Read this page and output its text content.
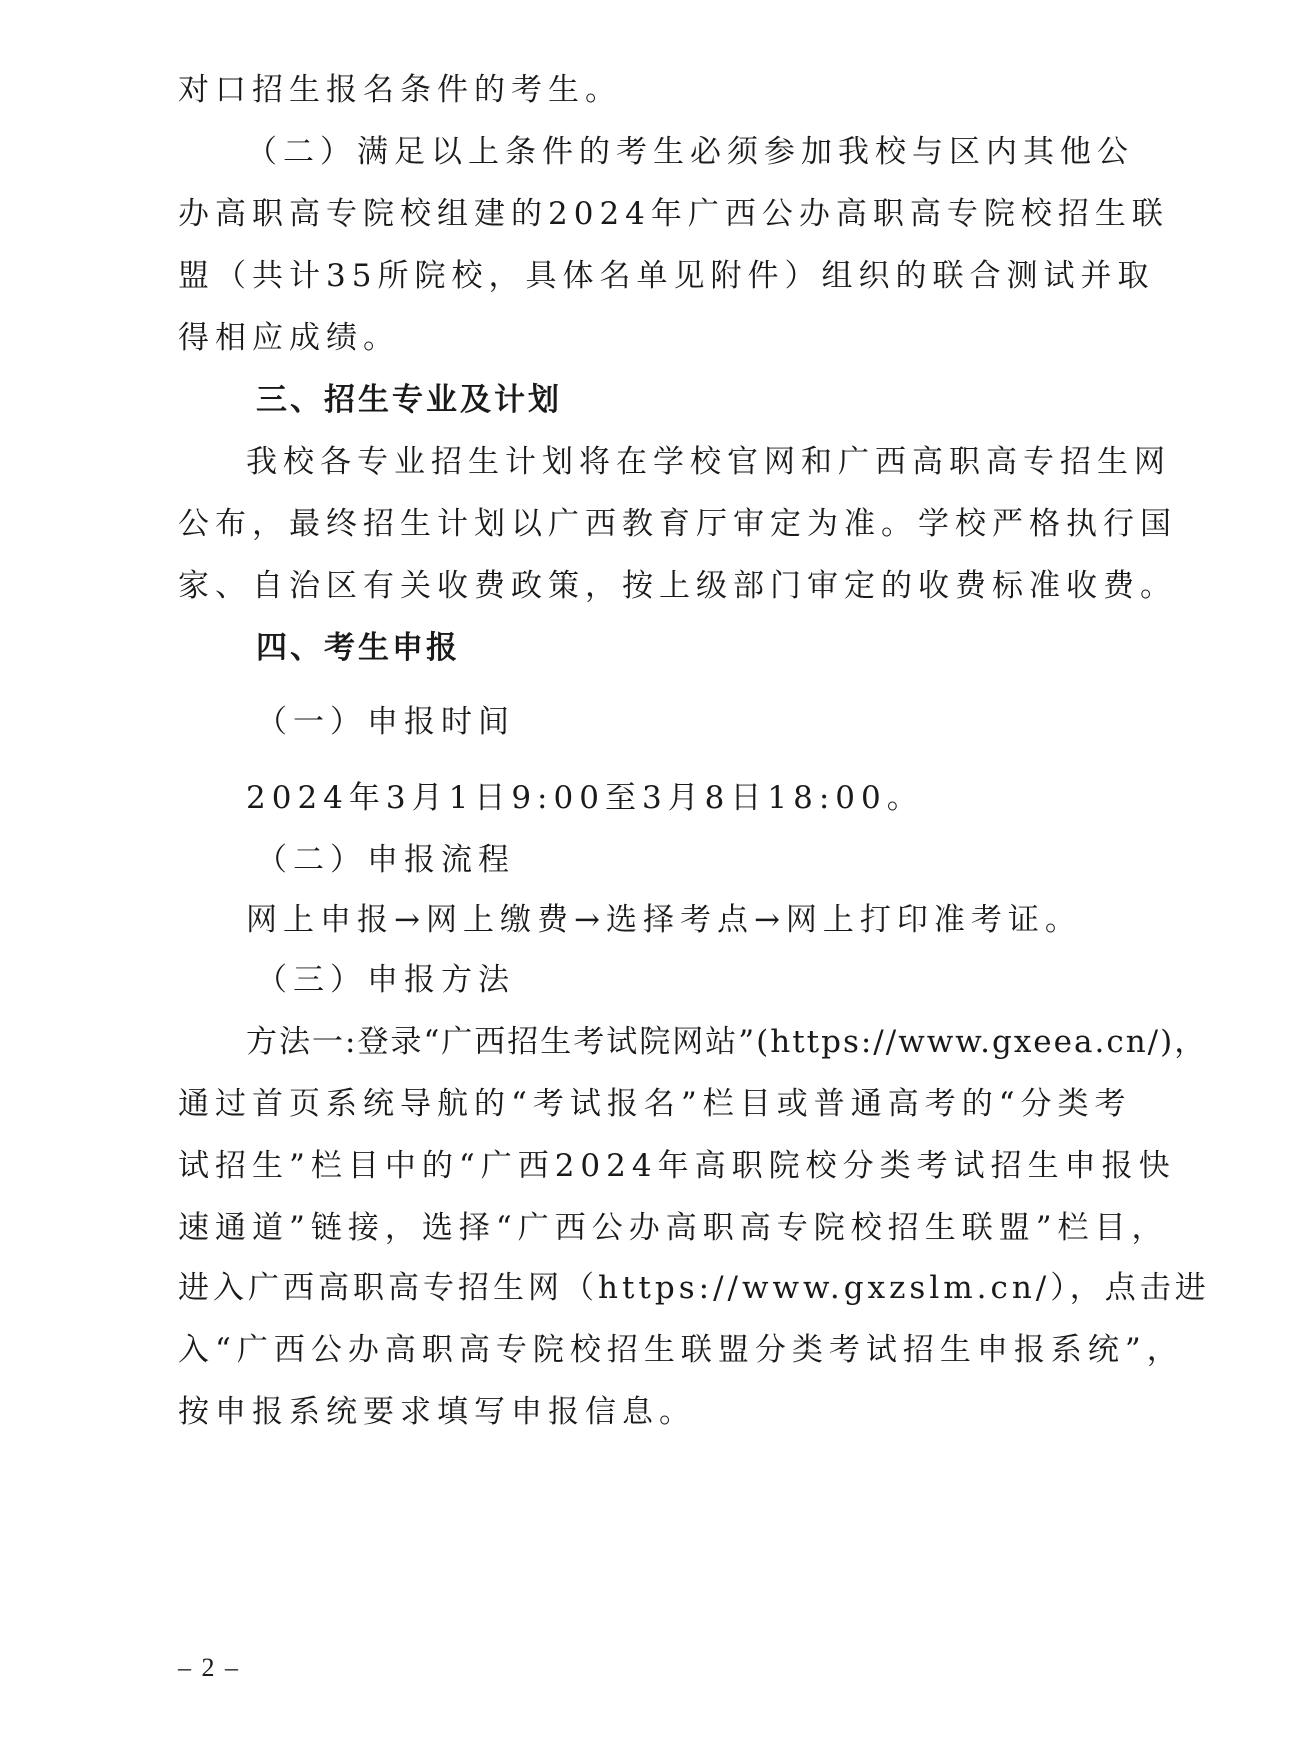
对口招生报名条件的考生。
（二）满足以上条件的考生必须参加我校与区内其他公
办高职高专院校组建的2024年广西公办高职高专院校招生联
盟（共计35所院校，具体名单见附件）组织的联合测试并取
得相应成绩。
三、招生专业及计划
我校各专业招生计划将在学校官网和广西高职高专招生网
公布，最终招生计划以广西教育厅审定为准。学校严格执行国
家、自治区有关收费政策，按上级部门审定的收费标准收费。
四、考生申报
（一）申报时间
2024年3月1日9:00至3月8日18:00。
（二）申报流程
网上申报→网上缴费→选择考点→网上打印准考证。
（三）申报方法
方法一:登录“广西招生考试院网站”(https://www.gxeea.cn/)，
通过首页系统导航的“考试报名”栏目或普通高考的“分类考
试招生”栏目中的“广西2024年高职院校分类考试招生申报快
速通道”链接，选择“广西公办高职高专院校招生联盟”栏目，
进入广西高职高专招生网（https://www.gxzslm.cn/），点击进
入“广西公办高职高专院校招生联盟分类考试招生申报系统”，
按申报系统要求填写申报信息。
– 2 –
